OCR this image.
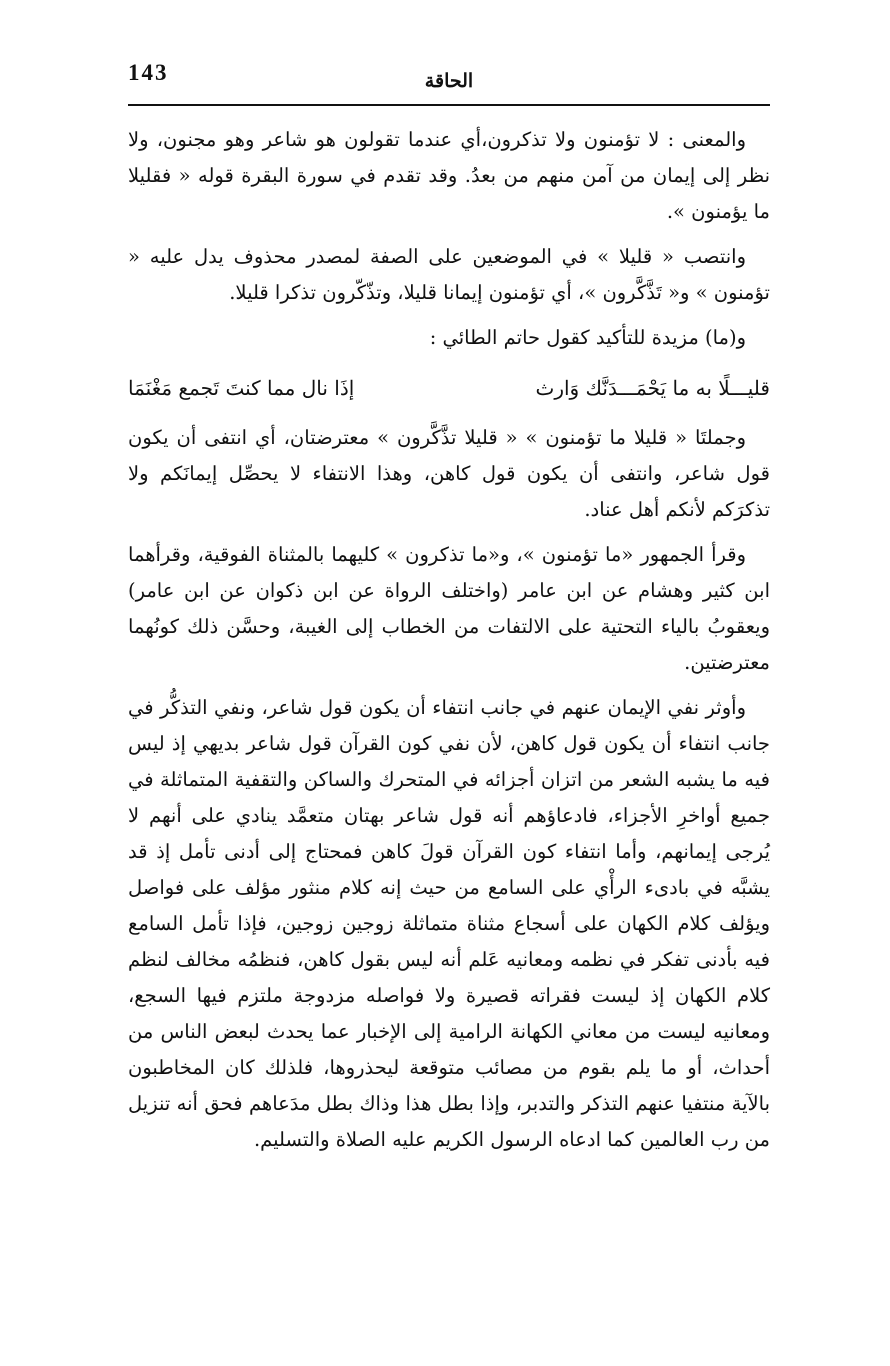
143	الحاقة

والمعنى : لا تؤمنون ولا تذكرون،أي عندما تقولون هو شاعر وهو مجنون، ولا نظر إلى إيمان من آمن منهم من بعدُ. وقد تقدم في سورة البقرة قوله « فقليلا ما يؤمنون ».

وانتصب « قليلا » في الموضعين على الصفة لمصدر محذوف يدل عليه « تؤمنون » و« تَذَّكَّرون »، أي تؤمنون إيمانا قليلا، وتذّكّرون تذكرا قليلا.

و(ما) مزيدة للتأكيد كقول حاتم الطائي :

قليـــلًا به ما يَحْمَـــدَنَّك وَارث
إذَا نال مما كنتَ تَجمع مَغْنَمَا

وجملتَا « قليلا ما تؤمنون » « قليلا تذَّكَّرون » معترضتان، أي انتفى أن يكون قول شاعر، وانتفى أن يكون قول كاهن، وهذا الانتفاء لا يحصِّل إيمانَكم ولا تذكرَكم لأنكم أهل عناد.

وقرأ الجمهور «ما تؤمنون »، و«ما تذكرون » كليهما بالمثناة الفوقية، وقرأهما ابن كثير وهشام عن ابن عامر (واختلف الرواة عن ابن ذكوان عن ابن عامر) ويعقوبُ بالياء التحتية على الالتفات من الخطاب إلى الغيبة، وحسَّن ذلك كونُهما معترضتين.

وأوثر نفي الإيمان عنهم في جانب انتفاء أن يكون قول شاعر، ونفي التذكُّر في جانب انتفاء أن يكون قول كاهن، لأن نفي كون القرآن قول شاعر بديهي إذ ليس فيه ما يشبه الشعر من اتزان أجزائه في المتحرك والساكن والتقفية المتماثلة في جميع أواخرِ الأجزاء، فادعاؤهم أنه قول شاعر بهتان متعمَّد ينادي على أنهم لا يُرجى إيمانهم، وأما انتفاء كون القرآن قولَ كاهن فمحتاج إلى أدنى تأمل إذ قد يشبَّه في بادىء الرأْي على السامع من حيث إنه كلام منثور مؤلف على فواصل ويؤلف كلام الكهان على أسجاع مثناة متماثلة زوجين زوجين، فإذا تأمل السامع فيه بأدنى تفكر في نظمه ومعانيه عَلم أنه ليس بقول كاهن، فنظمُه مخالف لنظم كلام الكهان إذ ليست فقراته قصيرة ولا فواصله مزدوجة ملتزم فيها السجع، ومعانيه ليست من معاني الكهانة الرامية إلى الإخبار عما يحدث لبعض الناس من أحداث، أو ما يلم بقوم من مصائب متوقعة ليحذروها، فلذلك كان المخاطبون بالآية منتفيا عنهم التذكر والتدبر، وإذا بطل هذا وذاك بطل مدَعاهم فحق أنه تنزيل من رب العالمين كما ادعاه الرسول الكريم عليه الصلاة والتسليم.
